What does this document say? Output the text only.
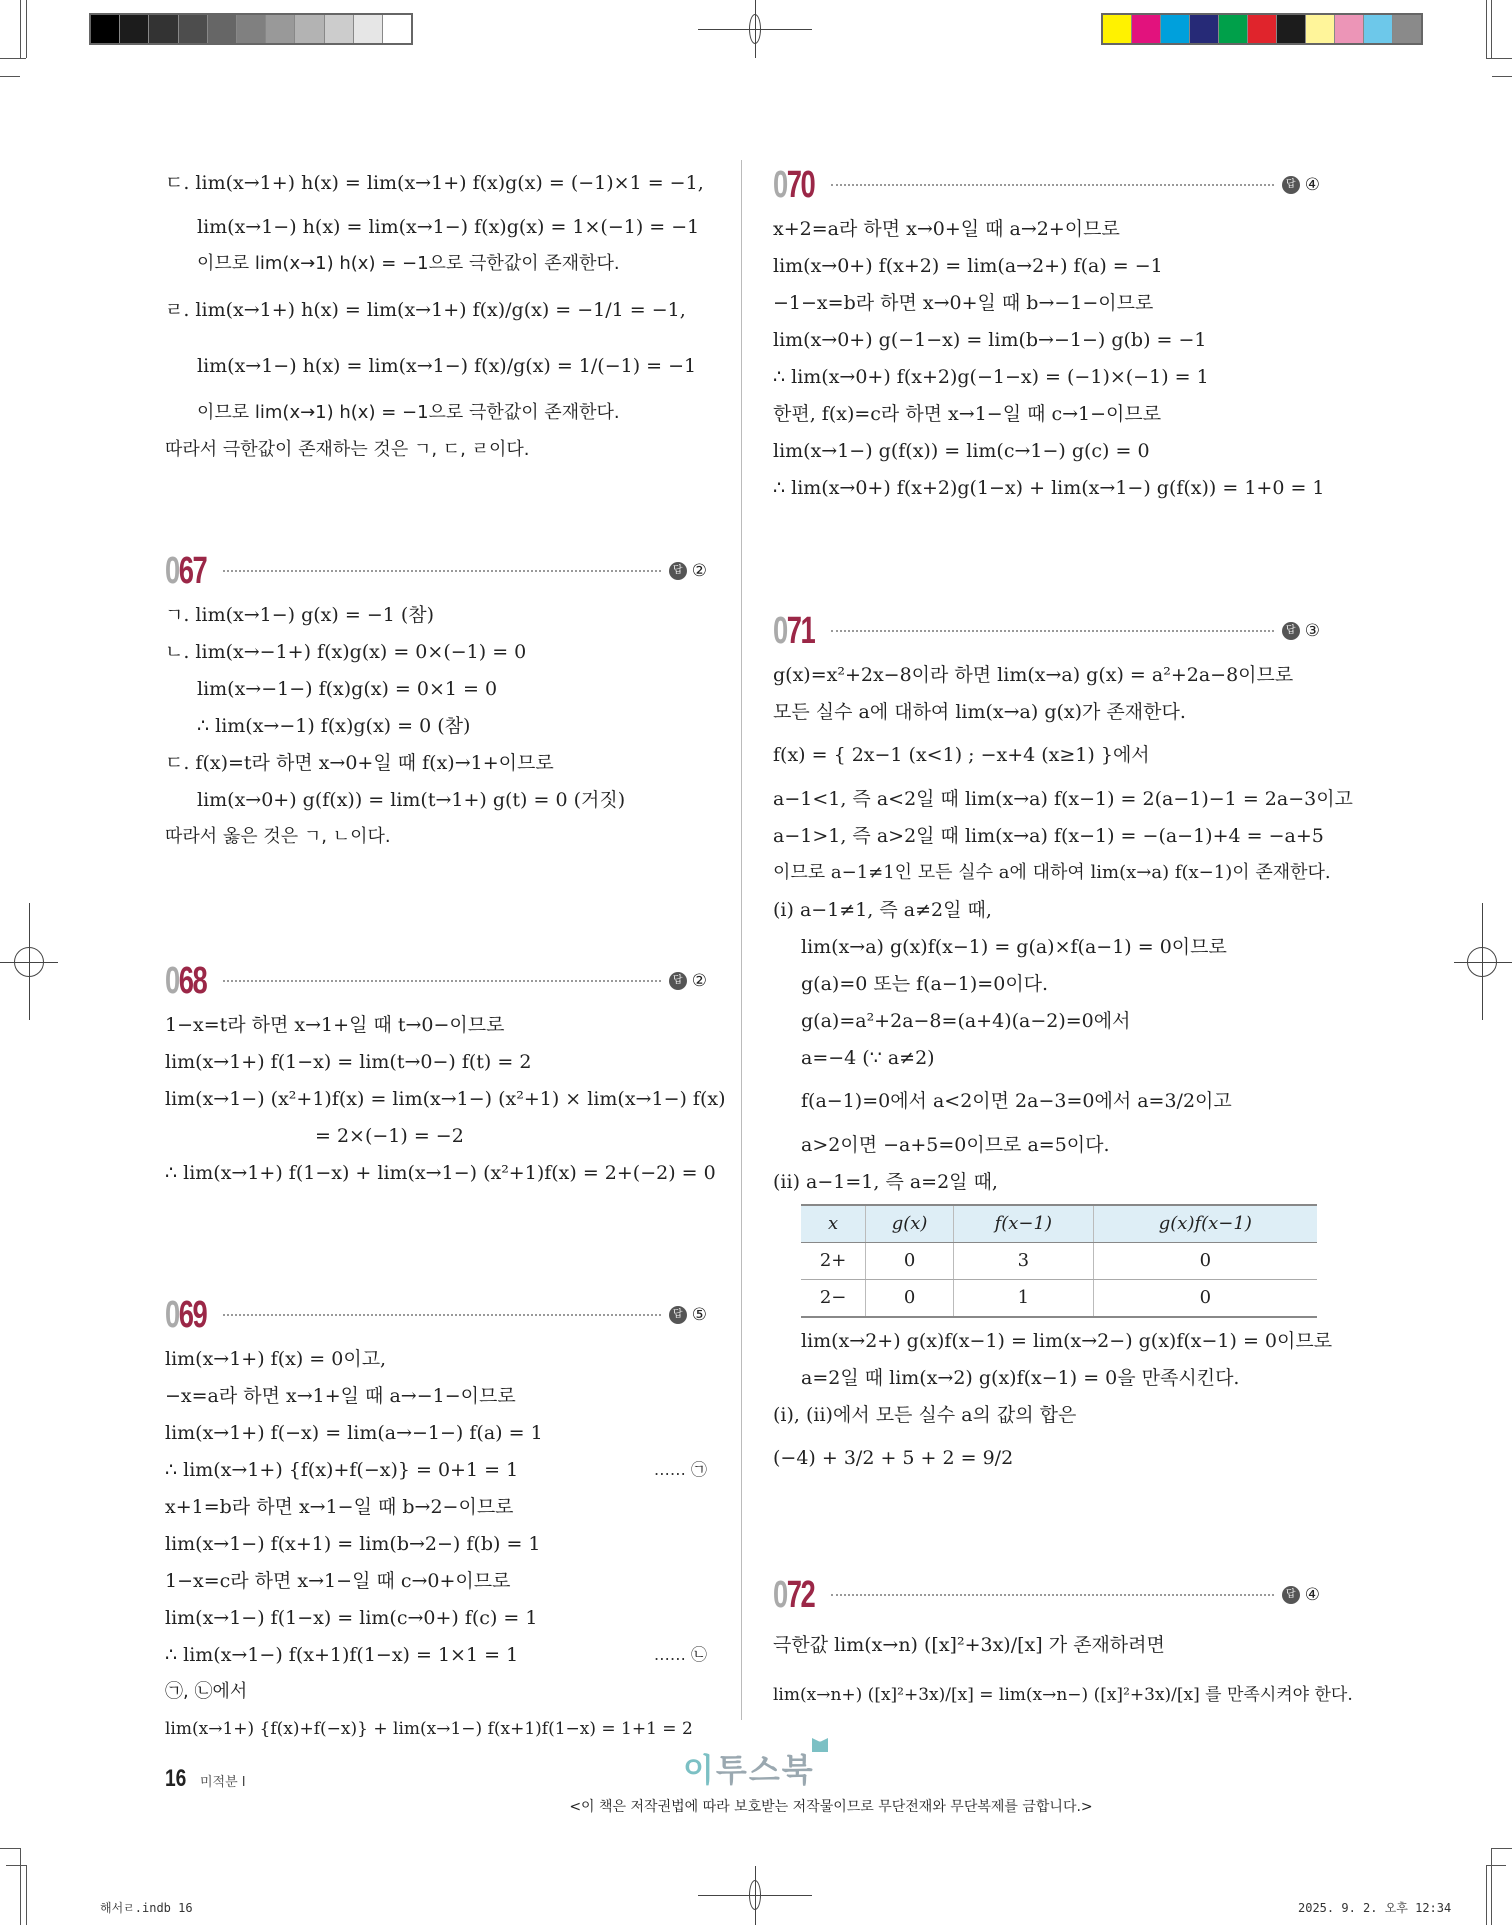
ㄷ. lim(x→1+) h(x) = lim(x→1+) f(x)g(x) = (−1)×1 = −1,
lim(x→1−) h(x) = lim(x→1−) f(x)g(x) = 1×(−1) = −1
이므로 lim(x→1) h(x) = −1으로 극한값이 존재한다.
ㄹ. lim(x→1+) h(x) = lim(x→1+) f(x)/g(x) = −1/1 = −1,
lim(x→1−) h(x) = lim(x→1−) f(x)/g(x) = 1/(−1) = −1
이므로 lim(x→1) h(x) = −1으로 극한값이 존재한다.
따라서 극한값이 존재하는 것은 ㄱ, ㄷ, ㄹ이다.
067	답 ②
ㄱ. lim(x→1−) g(x) = −1 (참)
ㄴ. lim(x→−1+) f(x)g(x) = 0×(−1) = 0
lim(x→−1−) f(x)g(x) = 0×1 = 0
∴ lim(x→−1) f(x)g(x) = 0 (참)
ㄷ. f(x)=t라 하면 x→0+일 때 f(x)→1+이므로
lim(x→0+) g(f(x)) = lim(t→1+) g(t) = 0 (거짓)
따라서 옳은 것은 ㄱ, ㄴ이다.
068	답 ②
1−x=t라 하면 x→1+일 때 t→0−이므로
lim(x→1+) f(1−x) = lim(t→0−) f(t) = 2
lim(x→1−) (x²+1)f(x) = lim(x→1−) (x²+1) × lim(x→1−) f(x)
= 2×(−1) = −2
∴ lim(x→1+) f(1−x) + lim(x→1−) (x²+1)f(x) = 2+(−2) = 0
069	답 ⑤
lim(x→1+) f(x) = 0이고,
−x=a라 하면 x→1+일 때 a→−1−이므로
lim(x→1+) f(−x) = lim(a→−1−) f(a) = 1
∴ lim(x→1+) {f(x)+f(−x)} = 0+1 = 1	…… ㉠
x+1=b라 하면 x→1−일 때 b→2−이므로
lim(x→1−) f(x+1) = lim(b→2−) f(b) = 1
1−x=c라 하면 x→1−일 때 c→0+이므로
lim(x→1−) f(1−x) = lim(c→0+) f(c) = 1
∴ lim(x→1−) f(x+1)f(1−x) = 1×1 = 1	…… ㉡
㉠, ㉡에서
lim(x→1+) {f(x)+f(−x)} + lim(x→1−) f(x+1)f(1−x) = 1+1 = 2
070	답 ④
x+2=a라 하면 x→0+일 때 a→2+이므로
lim(x→0+) f(x+2) = lim(a→2+) f(a) = −1
−1−x=b라 하면 x→0+일 때 b→−1−이므로
lim(x→0+) g(−1−x) = lim(b→−1−) g(b) = −1
∴ lim(x→0+) f(x+2)g(−1−x) = (−1)×(−1) = 1
한편, f(x)=c라 하면 x→1−일 때 c→1−이므로
lim(x→1−) g(f(x)) = lim(c→1−) g(c) = 0
∴ lim(x→0+) f(x+2)g(1−x) + lim(x→1−) g(f(x)) = 1+0 = 1
071	답 ③
g(x)=x²+2x−8이라 하면 lim(x→a) g(x) = a²+2a−8이므로
모든 실수 a에 대하여 lim(x→a) g(x)가 존재한다.
f(x) = { 2x−1 (x<1) ; −x+4 (x≥1) }에서
a−1<1, 즉 a<2일 때 lim(x→a) f(x−1) = 2(a−1)−1 = 2a−3이고
a−1>1, 즉 a>2일 때 lim(x→a) f(x−1) = −(a−1)+4 = −a+5
이므로 a−1≠1인 모든 실수 a에 대하여 lim(x→a) f(x−1)이 존재한다.
(i) a−1≠1, 즉 a≠2일 때,
lim(x→a) g(x)f(x−1) = g(a)×f(a−1) = 0이므로
g(a)=0 또는 f(a−1)=0이다.
g(a)=a²+2a−8=(a+4)(a−2)=0에서
a=−4 (∵ a≠2)
f(a−1)=0에서 a<2이면 2a−3=0에서 a=3/2이고
a>2이면 −a+5=0이므로 a=5이다.
(ii) a−1=1, 즉 a=2일 때,
x	g(x)	f(x−1)	g(x)f(x−1)
2+	0	3	0
2−	0	1	0
lim(x→2+) g(x)f(x−1) = lim(x→2−) g(x)f(x−1) = 0이므로
a=2일 때 lim(x→2) g(x)f(x−1) = 0을 만족시킨다.
(i), (ii)에서 모든 실수 a의 값의 합은
(−4) + 3/2 + 5 + 2 = 9/2
072	답 ④
극한값 lim(x→n) ([x]²+3x)/[x] 가 존재하려면
lim(x→n+) ([x]²+3x)/[x] = lim(x→n−) ([x]²+3x)/[x] 를 만족시켜야 한다.
16 미적분 Ⅰ	이투스북
<이 책은 저작권법에 따라 보호받는 저작물이므로 무단전재와 무단복제를 금합니다.>
해서ㄹ.indb 16	2025. 9. 2. 오후 12:34
